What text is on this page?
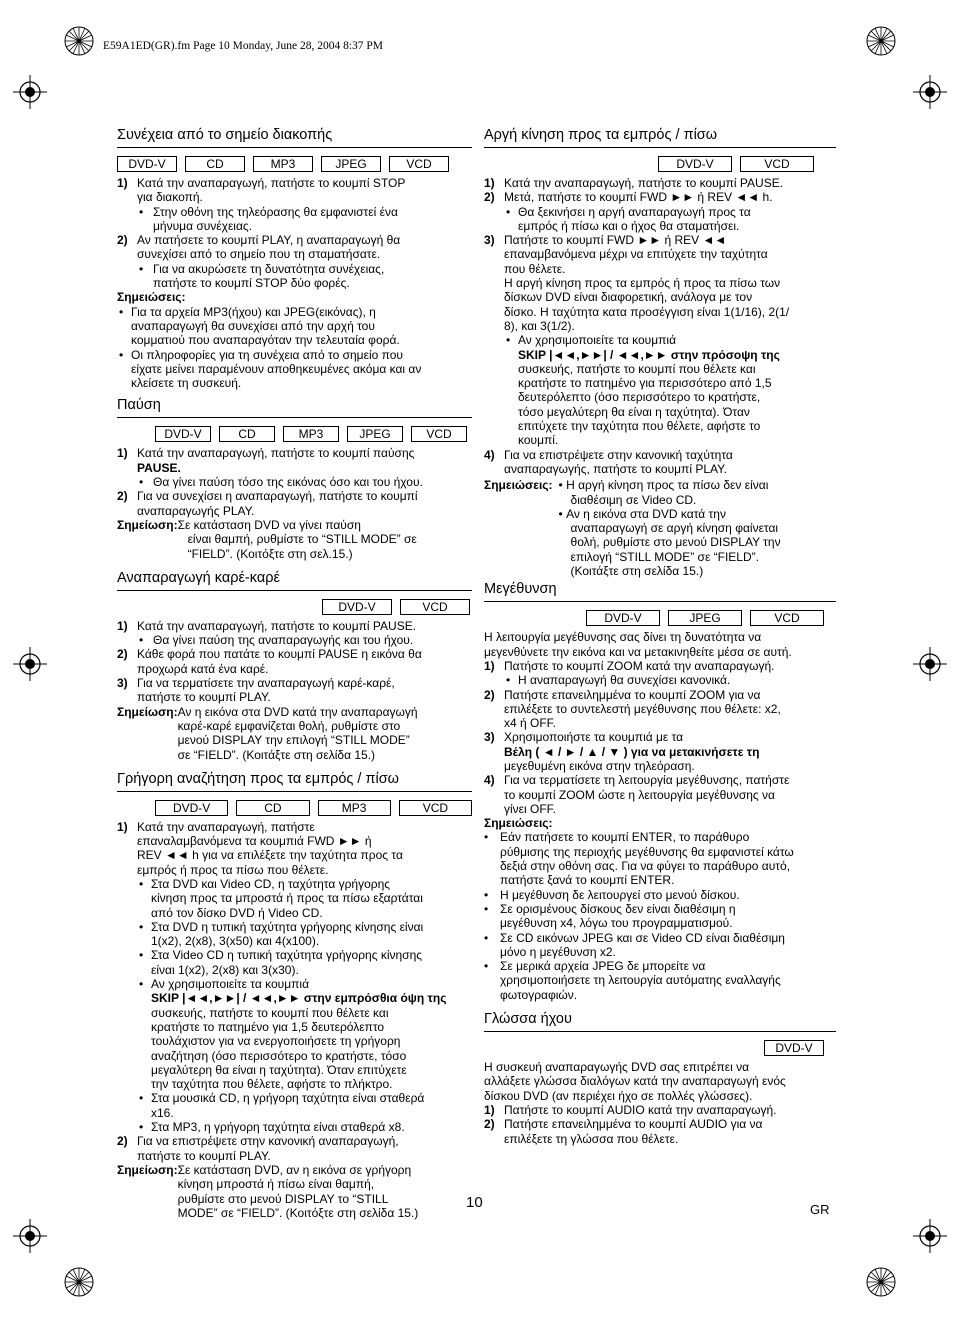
E59A1ED(GR).fm Page 10 Monday, June 28, 2004 8:37 PM
Συνέχεια από το σημείο διακοπής
DVD-V	CD	MP3	JPEG	VCD
1) Κατά την αναπαραγωγή, πατήστε το κουμπί STOP
για διακοπή.
• Στην οθόνη της τηλεόρασης θα εμφανιστεί ένα
μήνυμα συνέχειας.
2) Αν πατήσετε το κουμπί PLAY, η αναπαραγωγή θα
συνεχίσει από το σημείο που τη σταματήσατε.
• Για να ακυρώσετε τη δυνατότητα συνέχειας,
πατήστε το κουμπί STOP δύο φορές.
Σημειώσεις:
• Για τα αρχεία MP3(ήχου) και JPEG(εικόνας), η
αναπαραγωγή θα συνεχίσει από την αρχή του
κομματιού που αναπαραγόταν την τελευταία φορά.
• Οι πληροφορίες για τη συνέχεια από το σημείο που
είχατε μείνει παραμένουν αποθηκευμένες ακόμα και αν
κλείσετε τη συσκευή.
Παύση
DVD-V	CD	MP3	JPEG	VCD
1) Κατά την αναπαραγωγή, πατήστε το κουμπί παύσης
PAUSE.
• Θα γίνει παύση τόσο της εικόνας όσο και του ήχου.
2) Για να συνεχίσει η αναπαραγωγή, πατήστε το κουμπί
αναπαραγωγής PLAY.
Σημείωση: Σε κατάσταση DVD να γίνει παύση
είναι θαμπή, ρυθμίστε το “STILL MODE” σε
“FIELD”. (Κοιτόξτε στη σελ.15.)
Αναπαραγωγή καρέ-καρέ
DVD-V	VCD
1) Κατά την αναπαραγωγή, πατήστε το κουμπί PAUSE.
• Θα γίνει παύση της αναπαραγωγής και του ήχου.
2) Κάθε φορά που πατάτε το κουμπί PAUSE η εικόνα θα
προχωρά κατά ένα καρέ.
3) Για να τερματίσετε την αναπαραγωγή καρέ-καρέ,
πατήστε το κουμπί PLAY.
Σημείωση: Αν η εικόνα στα DVD κατά την αναπαραγωγή
καρέ-καρέ εμφανίζεται θολή, ρυθμίστε στο
μενού DISPLAY την επιλογή “STILL MODE”
σε “FIELD”. (Κοιτάξτε στη σελίδα 15.)
Γρήγορη αναζήτηση προς τα εμπρός / πίσω
DVD-V	CD	MP3	VCD
1) Κατά την αναπαραγωγή, πατήστε
επαναλαμβανόμενα τα κουμπιά FWD ►► ή
REV ◄◄ h για να επιλέξετε την ταχύτητα προς τα
εμπρός ή προς τα πίσω που θέλετε.
• Στα DVD και Video CD, η ταχύτητα γρήγορης
κίνηση προς τα μπροστά ή προς τα πίσω εξαρτάται
από τον δίσκο DVD ή Video CD.
• Στα DVD η τυπική ταχύτητα γρήγορης κίνησης είναι
1(x2), 2(x8), 3(x50) και 4(x100).
• Στα Video CD η τυπική ταχύτητα γρήγορης κίνησης
είναι 1(x2), 2(x8) και 3(x30).
• Αν χρησιμοποιείτε τα κουμπιά
SKIP |◄◄,►►| / ◄◄,►► στην εμπρόσθια όψη της
συσκευής, πατήστε το κουμπί που θέλετε και
κρατήστε το πατημένο για 1,5 δευτερόλεπτο
τουλάχιστον για να ενεργοποιήσετε τη γρήγορη
αναζήτηση (όσο περισσότερο το κρατήστε, τόσο
μεγαλύτερη θα είναι η ταχύτητα). Όταν επιτύχετε
την ταχύτητα που θέλετε, αφήστε το πλήκτρο.
• Στα μουσικά CD, η γρήγορη ταχύτητα είναι σταθερά
x16.
• Στα MP3, η γρήγορη ταχύτητα είναι σταθερά x8.
2) Για να επιστρέψετε στην κανονική αναπαραγωγή,
πατήστε το κουμπί PLAY.
Σημείωση: Σε κατάσταση DVD, αν η εικόνα σε γρήγορη
κίνηση μπροστά ή πίσω είναι θαμπή,
ρυθμίστε στο μενού DISPLAY το “STILL
MODE” σε “FIELD”. (Κοιτόξτε στη σελίδα 15.)
Αργή κίνηση προς τα εμπρός / πίσω
DVD-V	VCD
1) Κατά την αναπαραγωγή, πατήστε το κουμπί PAUSE.
2) Μετά, πατήστε το κουμπί FWD ►► ή REV ◄◄ h.
• Θα ξεκινήσει η αργή αναπαραγωγή προς τα
εμπρός ή πίσω και ο ήχος θα σταματήσει.
3) Πατήστε το κουμπί FWD ►► ή REV ◄◄
επαναμβανόμενα μέχρι να επιτύχετε την ταχύτητα
που θέλετε.
Η αργή κίνηση προς τα εμπρός ή προς τα πίσω των
δίσκων DVD είναι διαφορετική, ανάλογα με τον
δίσκο. Η ταχύτητα κατα προσέγγιση είναι 1(1/16), 2(1/
8), και 3(1/2).
• Αν χρησιμοποιείτε τα κουμπιά
SKIP |◄◄,►►| / ◄◄,►► στην πρόσοψη της
συσκευής, πατήστε το κουμπί που θέλετε και
κρατήστε το πατημένο για περισσότερο από 1,5
δευτερόλεπτο (όσο περισσότερο το κρατήστε,
τόσο μεγαλύτερη θα είναι η ταχύτητα). Όταν
επιτύχετε την ταχύτητα που θέλετε, αφήστε το
κουμπί.
4) Για να επιστρέψετε στην κανονική ταχύτητα
αναπαραγωγής, πατήστε το κουμπί PLAY.
Σημειώσεις: • Η αργή κίνηση προς τα πίσω δεν είναι
διαθέσιμη σε Video CD.
• Αν η εικόνα στα DVD κατά την
αναπαραγωγή σε αργή κίνηση φαίνεται
θολή, ρυθμίστε στο μενού DISPLAY την
επιλογή “STILL MODE” σε “FIELD”.
(Κοιτάξτε στη σελίδα 15.)
Μεγέθυνση
DVD-V	JPEG	VCD
Η λειτουργία μεγέθυνσης σας δίνει τη δυνατότητα να
μεγενθύνετε την εικόνα και να μετακινηθείτε μέσα σε αυτή.
1) Πατήστε το κουμπί ZOOM κατά την αναπαραγωγή.
• Η αναπαραγωγή θα συνεχίσει κανονικά.
2) Πατήστε επανειλημμένα το κουμπί ZOOM για να
επιλέξετε το συντελεστή μεγέθυνσης που θέλετε: x2,
x4 ή OFF.
3) Χρησιμοποιήστε τα κουμπιά με τα
Βέλη ( ◄ / ► / ▲ / ▼ ) για να μετακινήσετε τη
μεγεθυμένη εικόνα στην τηλεόραση.
4) Για να τερματίσετε τη λειτουργία μεγέθυνσης, πατήστε
το κουμπί ZOOM ώστε η λειτουργία μεγέθυνσης να
γίνει OFF.
Σημειώσεις:
• Εάν πατήσετε το κουμπί ENTER, το παράθυρο
ρύθμισης της περιοχής μεγέθυνσης θα εμφανιστεί κάτω
δεξιά στην οθόνη σας. Για να φύγει το παράθυρο αυτό,
πατήστε ξανά το κουμπί ENTER.
• Η μεγέθυνση δε λειτουργεί στο μενού δίσκου.
• Σε ορισμένους δίσκους δεν είναι διαθέσιμη η
μεγέθυνση x4, λόγω του προγραμματισμού.
• Σε CD εικόνων JPEG και σε Video CD είναι διαθέσιμη
μόνο η μεγέθυνση x2.
• Σε μερικά αρχεία JPEG δε μπορείτε να
χρησιμοποιήσετε τη λειτουργία αυτόματης εναλλαγής
φωτογραφιών.
Γλώσσα ήχου
DVD-V
Η συσκευή αναπαραγωγής DVD σας επιτρέπει να
αλλάξετε γλώσσα διαλόγων κατά την αναπαραγωγή ενός
δίσκου DVD (αν περιέχει ήχο σε πολλές γλώσσες).
1) Πατήστε το κουμπί AUDIO κατά την αναπαραγωγή.
2) Πατήστε επανειλημμένα το κουμπί AUDIO για να
επιλέξετε τη γλώσσα που θέλετε.
10	GR
